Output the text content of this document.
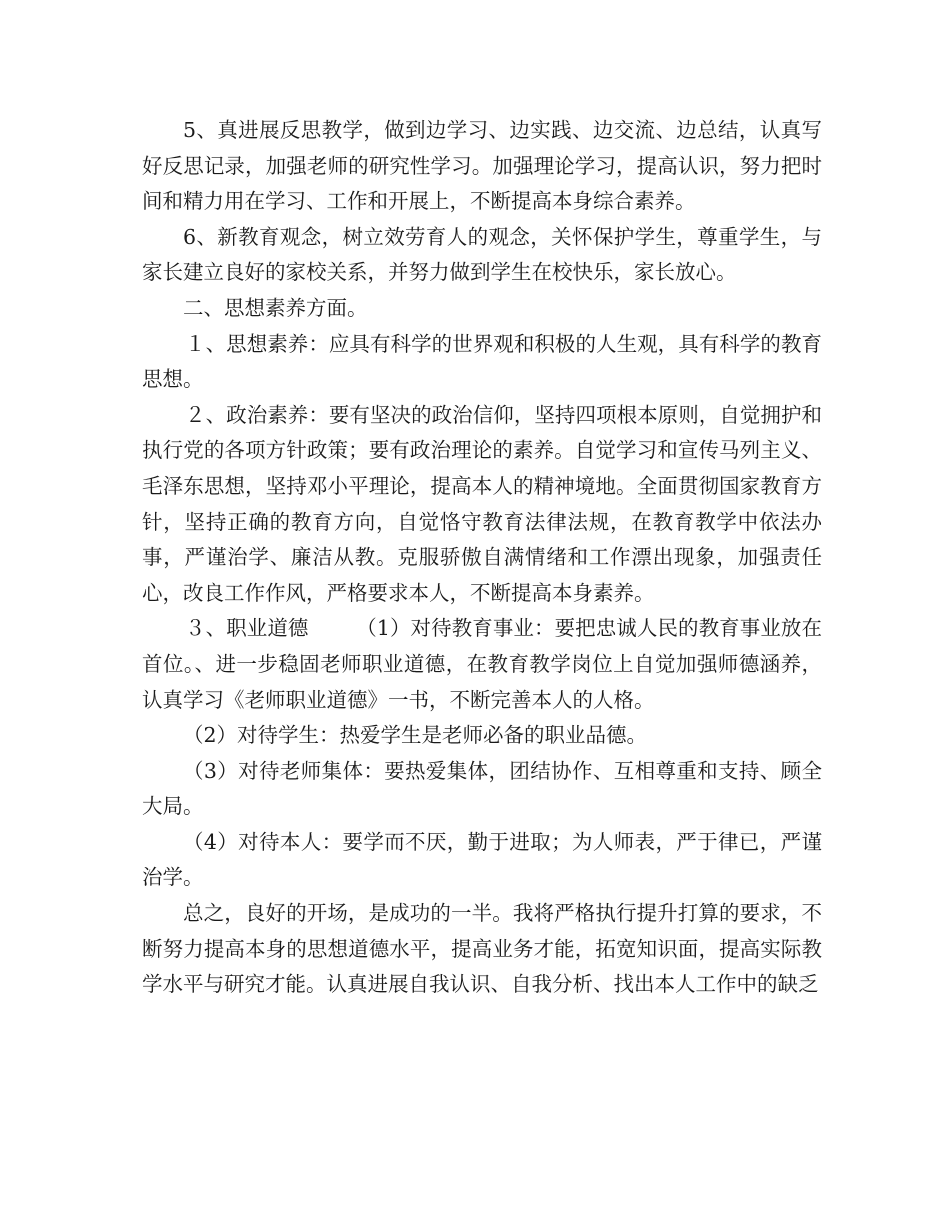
5、真进展反思教学，做到边学习、边实践、边交流、边总结，认真写好反思记录，加强老师的研究性学习。加强理论学习，提高认识，努力把时间和精力用在学习、工作和开展上，不断提高本身综合素养。

6、新教育观念，树立效劳育人的观念，关怀保护学生，尊重学生，与家长建立良好的家校关系，并努力做到学生在校快乐，家长放心。

二、思想素养方面。

１、思想素养：应具有科学的世界观和积极的人生观，具有科学的教育思想。

２、政治素养：要有坚决的政治信仰，坚持四项根本原则，自觉拥护和执行党的各项方针政策；要有政治理论的素养。自觉学习和宣传马列主义、毛泽东思想，坚持邓小平理论，提高本人的精神境地。全面贯彻国家教育方针，坚持正确的教育方向，自觉恪守教育法律法规，在教育教学中依法办事，严谨治学、廉洁从教。克服骄傲自满情绪和工作漂出现象，加强责任心，改良工作作风，严格要求本人，不断提高本身素养。

３、职业道德　　 （1）对待教育事业：要把忠诚人民的教育事业放在首位。、进一步稳固老师职业道德，在教育教学岗位上自觉加强师德涵养，认真学习《老师职业道德》一书，不断完善本人的人格。

（2）对待学生：热爱学生是老师必备的职业品德。

（3）对待老师集体：要热爱集体，团结协作、互相尊重和支持、顾全大局。

（4）对待本人：要学而不厌，勤于进取；为人师表，严于律已，严谨治学。

总之，良好的开场，是成功的一半。我将严格执行提升打算的要求，不断努力提高本身的思想道德水平，提高业务才能，拓宽知识面，提高实际教学水平与研究才能。认真进展自我认识、自我分析、找出本人工作中的缺乏
